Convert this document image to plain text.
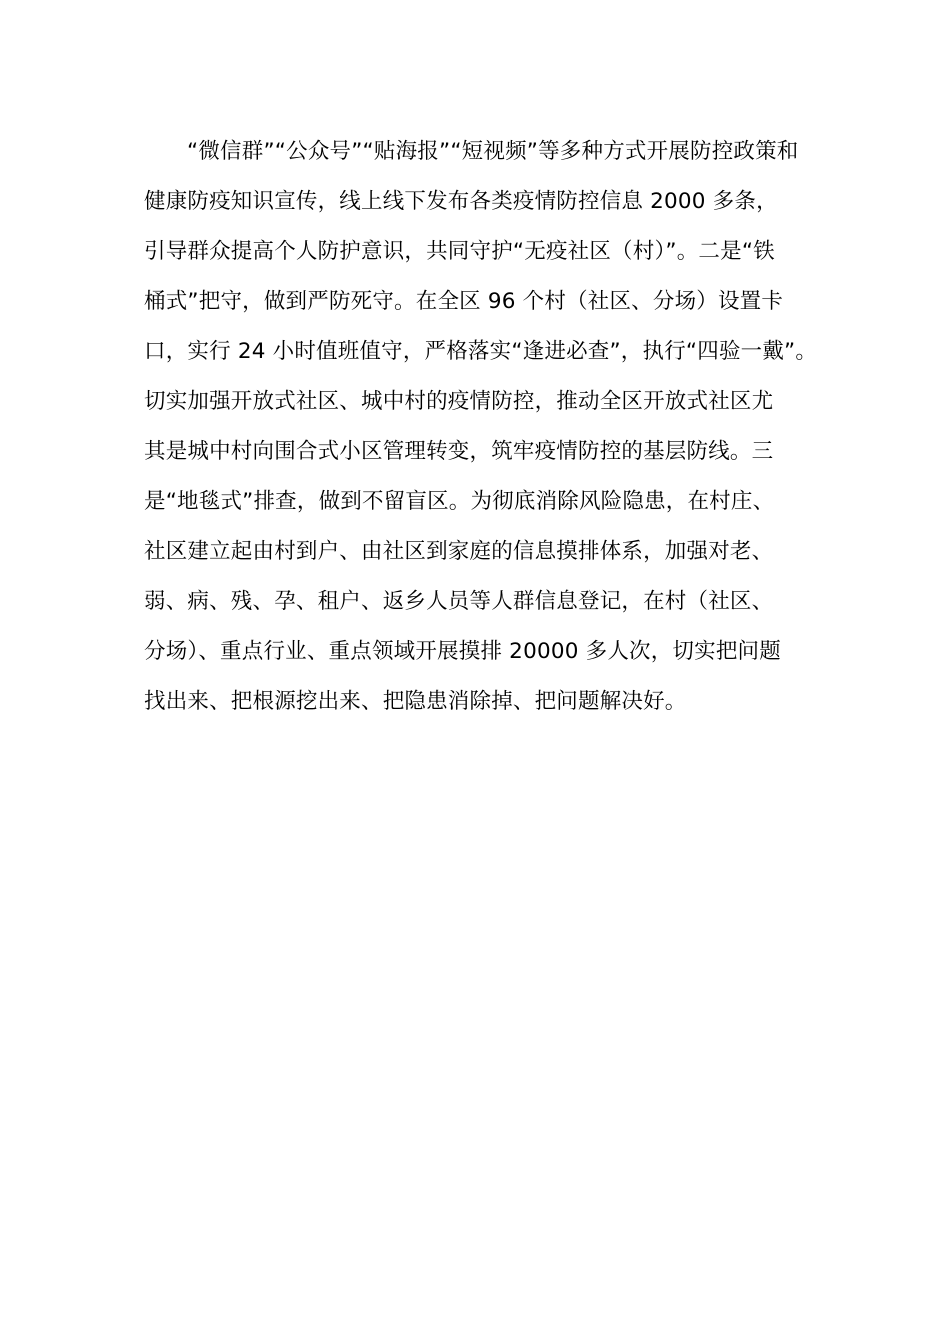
“微信群”“公众号”“贴海报”“短视频”等多种方式开展防控政策和
健康防疫知识宣传，线上线下发布各类疫情防控信息 2000 多条，
引导群众提高个人防护意识，共同守护“无疫社区（村）”。二是“铁
桶式”把守，做到严防死守。在全区 96 个村（社区、分场）设置卡
口，实行 24 小时值班值守，严格落实“逢进必查”，执行“四验一戴”。
切实加强开放式社区、城中村的疫情防控，推动全区开放式社区尤
其是城中村向围合式小区管理转变，筑牢疫情防控的基层防线。三
是“地毯式”排查，做到不留盲区。为彻底消除风险隐患，在村庄、
社区建立起由村到户、由社区到家庭的信息摸排体系，加强对老、
弱、病、残、孕、租户、返乡人员等人群信息登记，在村（社区、
分场）、重点行业、重点领域开展摸排 20000 多人次，切实把问题
找出来、把根源挖出来、把隐患消除掉、把问题解决好。
